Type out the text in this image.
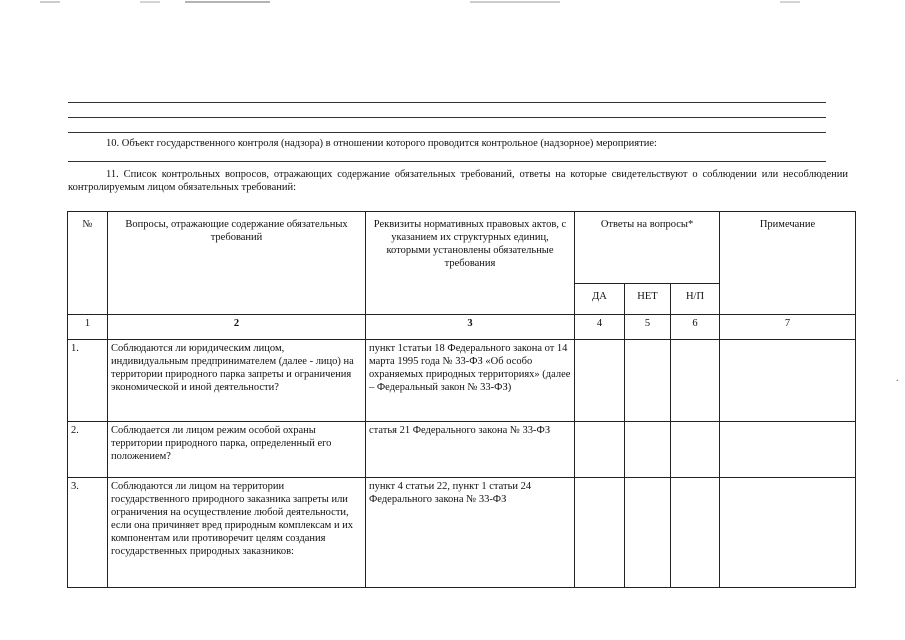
10. Объект государственного контроля (надзора) в отношении которого проводится контрольное (надзорное) мероприятие:
11. Список контрольных вопросов, отражающих содержание обязательных требований, ответы на которые свидетельствуют о соблюдении или несоблюдении контролируемым лицом обязательных требований:
№	Вопросы, отражающие содержание обязательных требований	Реквизиты нормативных правовых актов, с указанием их структурных единиц, которыми установлены обязательные требования	Ответы на вопросы*			Примечание
			ДА	НЕТ	Н/П	
1	2	3	4	5	6	7
1.	Соблюдаются ли юридическим лицом, индивидуальным предпринимателем (далее - лицо) на территории природного парка запреты и ограничения экономической и иной деятельности?	пункт 1статьи 18 Федерального закона от 14 марта 1995 года № 33-ФЗ «Об особо охраняемых природных территориях» (далее – Федеральный закон № 33-ФЗ)				
2.	Соблюдается ли лицом режим особой охраны территории природного парка, определенный его положением?	статья 21 Федерального закона № 33-ФЗ				
3.	Соблюдаются ли лицом на территории государственного природного заказника запреты или ограничения на осуществление любой деятельности, если она причиняет вред природным комплексам и их компонентам или противоречит целям создания государственных природных заказников:	пункт 4 статьи 22, пункт 1 статьи 24 Федерального закона № 33-ФЗ				
·
